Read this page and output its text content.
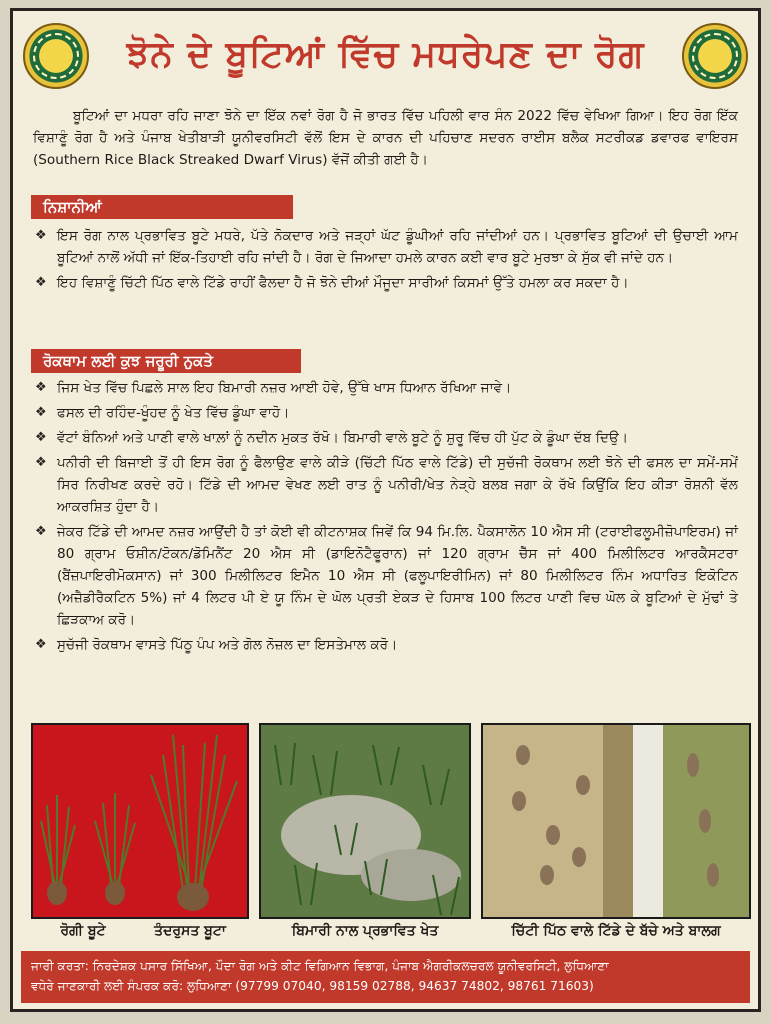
ਝੋਨੇ ਦੇ ਬੂਟਿਆਂ ਵਿੱਚ ਮਧਰੇਪਣ ਦਾ ਰੋਗ

ਬੂਟਿਆਂ ਦਾ ਮਧਰਾ ਰਹਿ ਜਾਣਾ ਝੋਨੇ ਦਾ ਇੱਕ ਨਵਾਂ ਰੋਗ ਹੈ ਜੋ ਭਾਰਤ ਵਿੱਚ ਪਹਿਲੀ ਵਾਰ ਸੰਨ 2022 ਵਿੱਚ ਵੇਖਿਆ ਗਿਆ। ਇਹ ਰੋਗ ਇੱਕ ਵਿਸ਼ਾਣੂੰ ਰੋਗ ਹੈ ਅਤੇ ਪੰਜਾਬ ਖੇਤੀਬਾੜੀ ਯੂਨੀਵਰਸਿਟੀ ਵੱਲੋਂ ਇਸ ਦੇ ਕਾਰਨ ਦੀ ਪਹਿਚਾਣ ਸਦਰਨ ਰਾਈਸ ਬਲੈਕ ਸਟਰੀਕਡ ਡਵਾਰਫ ਵਾਇਰਸ (Southern Rice Black Streaked Dwarf Virus) ਵੱਜੋਂ ਕੀਤੀ ਗਈ ਹੈ।

ਨਿਸ਼ਾਨੀਆਂ
❖ ਇਸ ਰੋਗ ਨਾਲ ਪ੍ਰਭਾਵਿਤ ਬੂਟੇ ਮਧਰੇ, ਪੱਤੇ ਨੋਕਦਾਰ ਅਤੇ ਜੜ੍ਹਾਂ ਘੱਟ ਡੂੰਘੀਆਂ ਰਹਿ ਜਾਂਦੀਆਂ ਹਨ। ਪ੍ਰਭਾਵਿਤ ਬੂਟਿਆਂ ਦੀ ਉਚਾਈ ਆਮ ਬੂਟਿਆਂ ਨਾਲੋਂ ਅੱਧੀ ਜਾਂ ਇੱਕ-ਤਿਹਾਈ ਰਹਿ ਜਾਂਦੀ ਹੈ। ਰੋਗ ਦੇ ਜਿਆਦਾ ਹਮਲੇ ਕਾਰਨ ਕਈ ਵਾਰ ਬੂਟੇ ਮੁਰਝਾ ਕੇ ਸੁੱਕ ਵੀ ਜਾਂਦੇ ਹਨ।
❖ ਇਹ ਵਿਸ਼ਾਣੂੰ ਚਿੱਟੀ ਪਿੱਠ ਵਾਲੇ ਟਿੱਡੇ ਰਾਹੀਂ ਫੈਲਦਾ ਹੈ ਜੋ ਝੋਨੇ ਦੀਆਂ ਮੌਜੂਦਾ ਸਾਰੀਆਂ ਕਿਸਮਾਂ ਉੱਤੇ ਹਮਲਾ ਕਰ ਸਕਦਾ ਹੈ।
ਰੋਕਥਾਮ ਲਈ ਕੁਝ ਜਰੂਰੀ ਨੁਕਤੇ
❖ ਜਿਸ ਖੇਤ ਵਿੱਚ ਪਿਛਲੇ ਸਾਲ ਇਹ ਬਿਮਾਰੀ ਨਜ਼ਰ ਆਈ ਹੋਵੇ, ਉੱਥੇ ਖਾਸ ਧਿਆਨ ਰੱਖਿਆ ਜਾਵੇ।
❖ ਫਸਲ ਦੀ ਰਹਿੰਦ-ਖੂੰਹਦ ਨੂੰ ਖੇਤ ਵਿੱਚ ਡੂੰਘਾ ਵਾਹੋ।
❖ ਵੱਟਾਂ ਬੰਨਿਆਂ ਅਤੇ ਪਾਣੀ ਵਾਲੇ ਖਾਲ਼ਾਂ ਨੂੰ ਨਦੀਨ ਮੁਕਤ ਰੱਖੋ। ਬਿਮਾਰੀ ਵਾਲੇ ਬੂਟੇ ਨੂੰ ਸ਼ੁਰੂ ਵਿੱਚ ਹੀ ਪੁੱਟ ਕੇ ਡੂੰਘਾ ਦੱਬ ਦਿਉ।
❖ ਪਨੀਰੀ ਦੀ ਬਿਜਾਈ ਤੋਂ ਹੀ ਇਸ ਰੋਗ ਨੂੰ ਫੈਲਾਉਣ ਵਾਲੇ ਕੀੜੇ (ਚਿੱਟੀ ਪਿੱਠ ਵਾਲੇ ਟਿੱਡੇ) ਦੀ ਸੁਚੱਜੀ ਰੋਕਥਾਮ ਲਈ ਝੋਨੇ ਦੀ ਫਸਲ ਦਾ ਸਮੇਂ-ਸਮੇਂ ਸਿਰ ਨਿਰੀਖਣ ਕਰਦੇ ਰਹੋ। ਟਿੱਡੇ ਦੀ ਆਮਦ ਵੇਖਣ ਲਈ ਰਾਤ ਨੂੰ ਪਨੀਰੀ/ਖੇਤ ਨੇੜ੍ਹੇ ਬਲਬ ਜਗਾ ਕੇ ਰੱਖੋ ਕਿਉਂਕਿ ਇਹ ਕੀੜਾ ਰੋਸ਼ਨੀ ਵੱਲ ਆਕਰਸ਼ਿਤ ਹੁੰਦਾ ਹੈ।
❖ ਜੇਕਰ ਟਿੱਡੇ ਦੀ ਆਮਦ ਨਜ਼ਰ ਆਉਂਦੀ ਹੈ ਤਾਂ ਕੋਈ ਵੀ ਕੀਟਨਾਸ਼ਕ ਜਿਵੇਂ ਕਿ 94 ਮਿ.ਲਿ. ਪੈਕਸਾਲੋਨ 10 ਐਸ ਸੀ (ਟਰਾਈਫਲੂਮੀਜ਼ੋਪਾਇਰਮ) ਜਾਂ 80 ਗ੍ਰਾਮ ਓਸ਼ੀਨ/ਟੋਕਨ/ਡੋਮਿਨੈਂਟ 20 ਐਸ ਸੀ (ਡਾਇਨੋਟੈਫੂਰਾਨ) ਜਾਂ 120 ਗ੍ਰਾਮ ਚੈੱਸ ਜਾਂ 400 ਮਿਲੀਲਿਟਰ ਆਰਕੈਸਟਰਾ (ਬੈਂਜ਼ਪਾਇਰੀਮੋਕਸਾਨ) ਜਾਂ 300 ਮਿਲੀਲਿਟਰ ਇਮੈਨ 10 ਐਸ ਸੀ (ਫਲੂਪਾਇਰੀਮਿਨ) ਜਾਂ 80 ਮਿਲੀਲਿਟਰ ਨਿੰਮ ਅਧਾਰਿਤ ਇਕੋਟਿਨ (ਅਜ਼ੈਡੀਰੈਕਟਿਨ 5%) ਜਾਂ 4 ਲਿਟਰ ਪੀ ਏ ਯੂ ਨਿੰਮ ਦੇ ਘੋਲ ਪ੍ਰਤੀ ਏਕੜ ਦੇ ਹਿਸਾਬ 100 ਲਿਟਰ ਪਾਣੀ ਵਿਚ ਘੋਲ ਕੇ ਬੂਟਿਆਂ ਦੇ ਮੁੱਢਾਂ ਤੇ ਛਿੜਕਾਅ ਕਰੋ।
❖ ਸੁਚੱਜੀ ਰੋਕਥਾਮ ਵਾਸਤੇ ਪਿੱਠੂ ਪੰਪ ਅਤੇ ਗੋਲ ਨੋਜ਼ਲ ਦਾ ਇਸਤੇਮਾਲ ਕਰੋ।
ਰੋਗੀ ਬੂਟੇ	ਤੰਦਰੁਸਤ ਬੂਟਾ	ਬਿਮਾਰੀ ਨਾਲ ਪ੍ਰਭਾਵਿਤ ਖੇਤ	ਚਿੱਟੀ ਪਿੱਠ ਵਾਲੇ ਟਿੱਡੇ ਦੇ ਬੱਚੇ ਅਤੇ ਬਾਲਗ
ਜਾਰੀ ਕਰਤਾ: ਨਿਰਦੇਸ਼ਕ ਪਸਾਰ ਸਿੱਖਿਆ, ਪੌਦਾ ਰੋਗ ਅਤੇ ਕੀਟ ਵਿਗਿਆਨ ਵਿਭਾਗ, ਪੰਜਾਬ ਐਗਰੀਕਲਚਰਲ ਯੂਨੀਵਰਸਿਟੀ, ਲੁਧਿਆਣਾ
ਵਧੇਰੇ ਜਾਣਕਾਰੀ ਲਈ ਸੰਪਰਕ ਕਰੋ: ਲੁਧਿਆਣਾ (97799 07040, 98159 02788, 94637 74802, 98761 71603)
